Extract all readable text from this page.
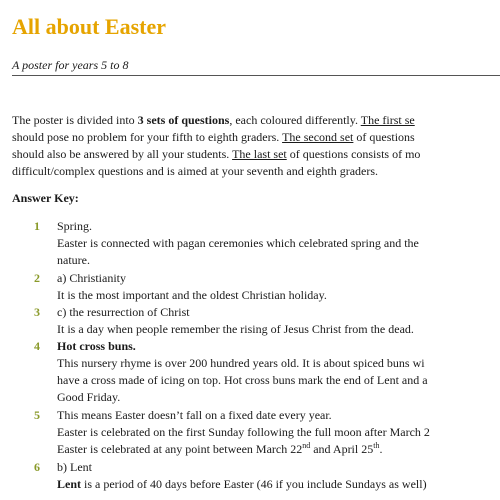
All about Easter
A poster for years 5 to 8
The poster is divided into 3 sets of questions, each coloured differently. The first se
should pose no problem for your fifth to eighth graders. The second set of questions
should also be answered by all your students. The last set of questions consists of mo
difficult/complex questions and is aimed at your seventh and eighth graders.
Answer Key:
1	Spring.
Easter is connected with pagan ceremonies which celebrated spring and the
nature.
2	a) Christianity
It is the most important and the oldest Christian holiday.
3	c) the resurrection of Christ
It is a day when people remember the rising of Jesus Christ from the dead.
4	Hot cross buns.
This nursery rhyme is over 200 hundred years old. It is about spiced buns wi
have a cross made of icing on top. Hot cross buns mark the end of Lent and a
Good Friday.
5	This means Easter doesn’t fall on a fixed date every year.
Easter is celebrated on the first Sunday following the full moon after March 2
Easter is celebrated at any point between March 22nd and April 25th.
6	b) Lent
Lent is a period of 40 days before Easter (46 if you include Sundays as well)
